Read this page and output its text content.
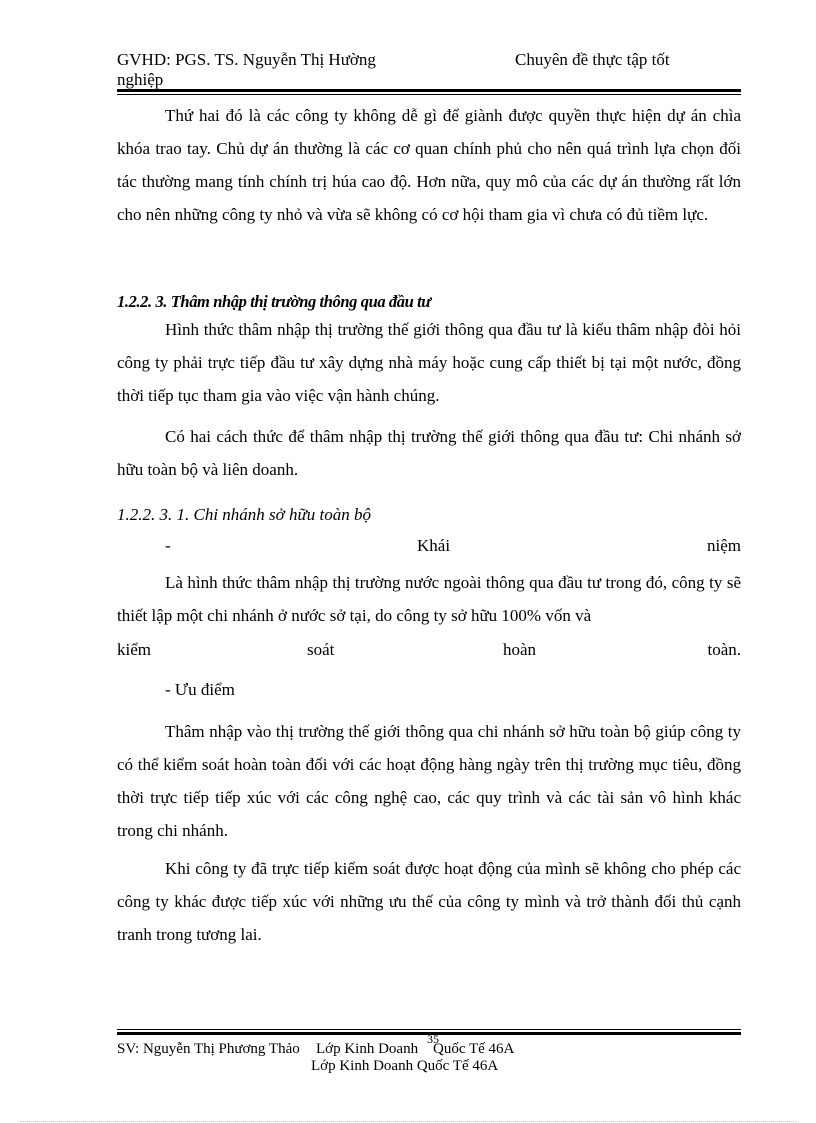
GVHD: PGS. TS. Nguyễn Thị Hường	Chuyên đề thực tập tốt
nghiệp
Thứ hai đó là các công ty không dễ gì để giành được quyền thực hiện dự án chìa khóa trao tay. Chủ dự án thường là các cơ quan chính phủ cho nên quá trình lựa chọn đối tác thường mang tính chính trị húa cao độ. Hơn nữa, quy mô của các dự án thường rất lớn cho nên những công ty nhỏ và vừa sẽ không có cơ hội tham gia vì chưa có đủ tiềm lực.
1.2.2. 3. Thâm nhập thị trường thông qua đầu tư
Hình thức thâm nhập thị trường thế giới thông qua đầu tư là kiểu thâm nhập đòi hỏi công ty phải trực tiếp đầu tư xây dựng nhà máy hoặc cung cấp thiết bị tại một nước, đồng thời tiếp tục tham gia vào việc vận hành chúng.
Có hai cách thức để thâm nhập thị trường thế giới thông qua đầu tư: Chi nhánh sở hữu toàn bộ và liên doanh.
1.2.2. 3. 1. Chi nhánh sở hữu toàn bộ
-	Khái	niệm
Là hình thức thâm nhập thị trường nước ngoài thông qua đầu tư trong đó, công ty sẽ thiết lập một chi nhánh ở nước sở tại, do công ty sở hữu 100% vốn và
kiểm	soát	hoàn	toàn.
- Ưu điểm
Thâm nhập vào thị trường thế giới thông qua chi nhánh sở hữu toàn bộ giúp công ty có thể kiểm soát hoàn toàn đối với các hoạt động hàng ngày trên thị trường mục tiêu, đồng thời trực tiếp tiếp xúc với các công nghệ cao, các quy trình và các tài sản vô hình khác trong chi nhánh.
Khi công ty đã trực tiếp kiểm soát được hoạt động của mình sẽ không cho phép các công ty khác được tiếp xúc với những ưu thế của công ty mình và trở thành đối thủ cạnh tranh trong tương lai.
SV: Nguyễn Thị Phương Thảo Lớp Kinh Doanh
35
Quốc Tế 46A
Lớp Kinh Doanh Quốc Tế 46A
